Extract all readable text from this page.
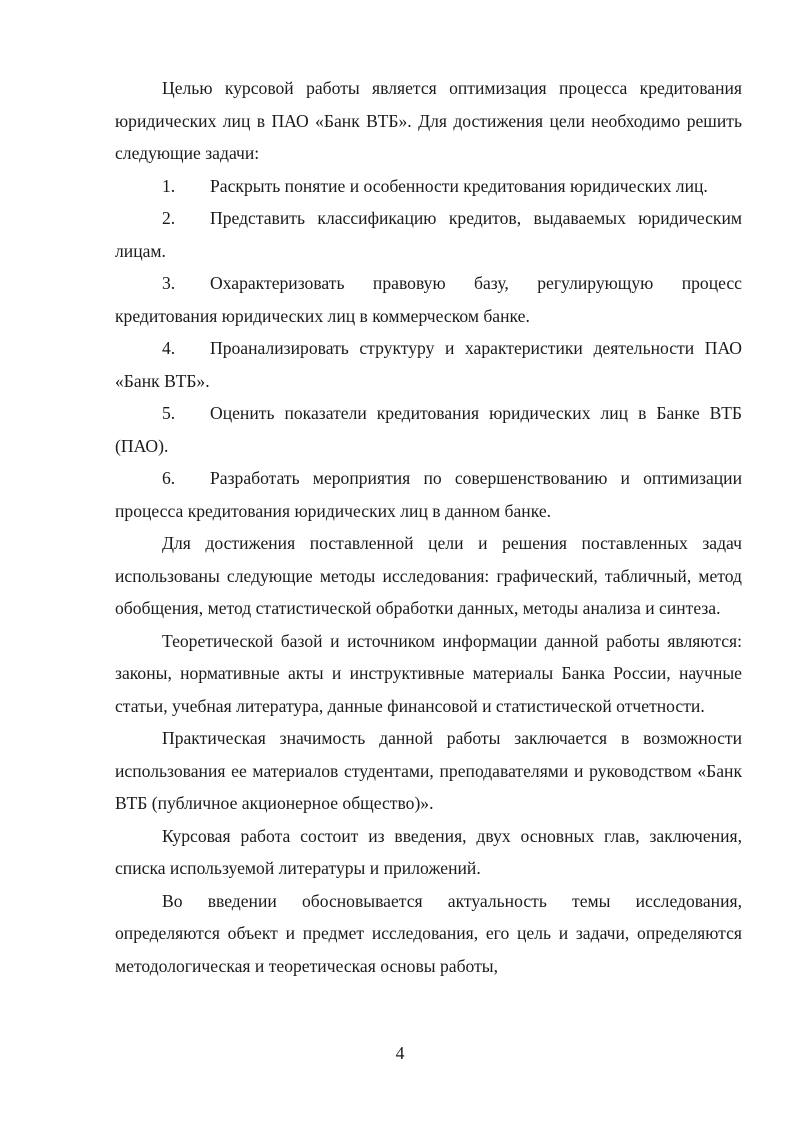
Целью курсовой работы является оптимизация процесса кредитования юридических лиц в ПАО «Банк ВТБ». Для достижения цели необходимо решить следующие задачи:

1. Раскрыть понятие и особенности кредитования юридических лиц.
2. Представить классификацию кредитов, выдаваемых юридическим лицам.
3. Охарактеризовать правовую базу, регулирующую процесс кредитования юридических лиц в коммерческом банке.
4. Проанализировать структуру и характеристики деятельности ПАО «Банк ВТБ».
5. Оценить показатели кредитования юридических лиц в Банке ВТБ (ПАО).
6. Разработать мероприятия по совершенствованию и оптимизации процесса кредитования юридических лиц в данном банке.

Для достижения поставленной цели и решения поставленных задач использованы следующие методы исследования: графический, табличный, метод обобщения, метод статистической обработки данных, методы анализа и синтеза.

Теоретической базой и источником информации данной работы являются: законы, нормативные акты и инструктивные материалы Банка России, научные статьи, учебная литература, данные финансовой и статистической отчетности.

Практическая значимость данной работы заключается в возможности использования ее материалов студентами, преподавателями и руководством «Банк ВТБ (публичное акционерное общество)».

Курсовая работа состоит из введения, двух основных глав, заключения, списка используемой литературы и приложений.

Во введении обосновывается актуальность темы исследования, определяются объект и предмет исследования, его цель и задачи, определяются методологическая и теоретическая основы работы,

4
